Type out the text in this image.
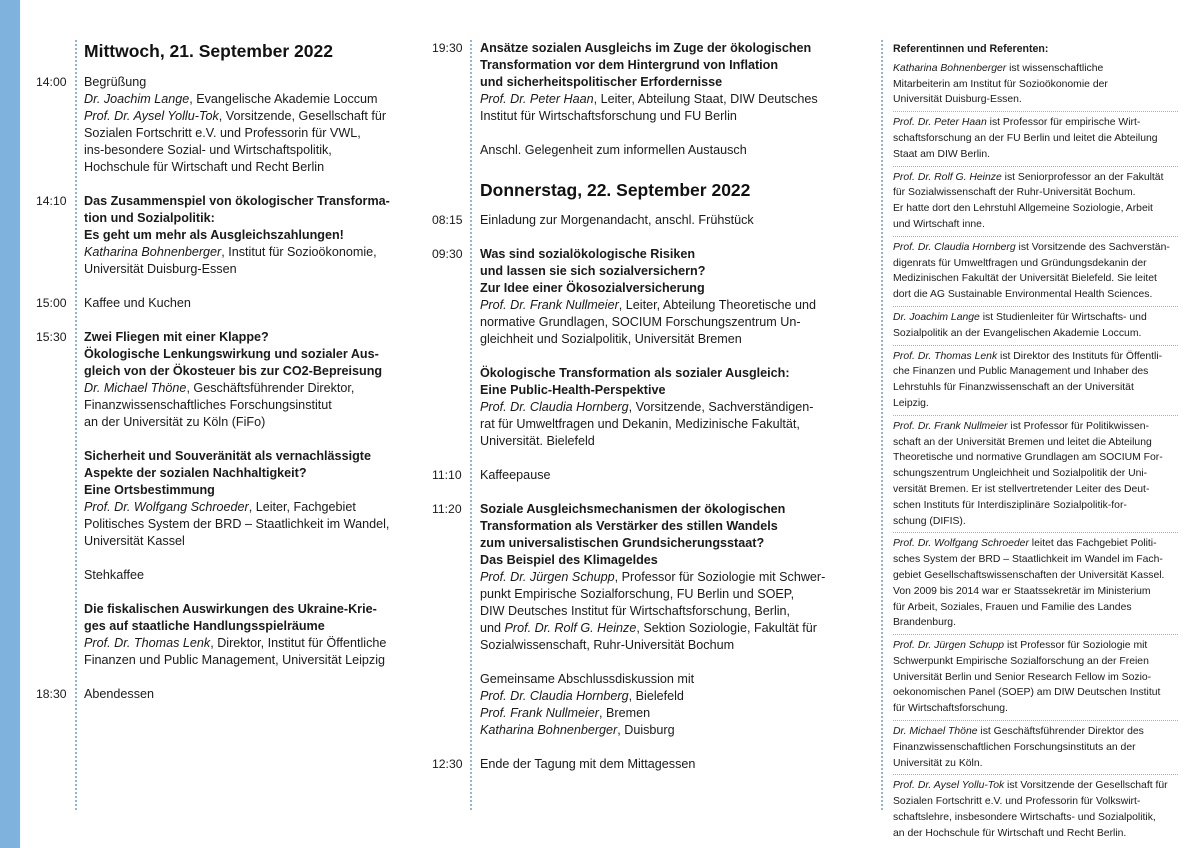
Mittwoch, 21. September 2022
14:00	Begrüßung
Dr. Joachim Lange, Evangelische Akademie Loccum
Prof. Dr. Aysel Yollu-Tok, Vorsitzende, Gesellschaft für
Sozialen Fortschritt e.V. und Professorin für VWL,
ins-besondere Sozial- und Wirtschaftspolitik,
Hochschule für Wirtschaft und Recht Berlin
14:10	Das Zusammenspiel von ökologischer Transforma-
tion und Sozialpolitik:
Es geht um mehr als Ausgleichszahlungen!
Katharina Bohnenberger, Institut für Sozioökonomie,
Universität Duisburg-Essen
15:00	Kaffee und Kuchen
15:30	Zwei Fliegen mit einer Klappe?
Ökologische Lenkungswirkung und sozialer Aus-
gleich von der Ökosteuer bis zur CO2-Bepreisung
Dr. Michael Thöne, Geschäftsführender Direktor,
Finanzwissenschaftliches Forschungsinstitut
an der Universität zu Köln (FiFo)
Sicherheit und Souveränität als vernachlässigte
Aspekte der sozialen Nachhaltigkeit?
Eine Ortsbestimmung
Prof. Dr. Wolfgang Schroeder, Leiter, Fachgebiet
Politisches System der BRD – Staatlichkeit im Wandel,
Universität Kassel
Stehkaffee
Die fiskalischen Auswirkungen des Ukraine-Krie-
ges auf staatliche Handlungsspielräume
Prof. Dr. Thomas Lenk, Direktor, Institut für Öffentliche
Finanzen und Public Management, Universität Leipzig
18:30	Abendessen
19:30	Ansätze sozialen Ausgleichs im Zuge der ökologischen
Transformation vor dem Hintergrund von Inflation
und sicherheitspolitischer Erfordernisse
Prof. Dr. Peter Haan, Leiter, Abteilung Staat, DIW Deutsches
Institut für Wirtschaftsforschung und FU Berlin
Anschl. Gelegenheit zum informellen Austausch
Donnerstag, 22. September 2022
08:15	Einladung zur Morgenandacht, anschl. Frühstück
09:30	Was sind sozialökologische Risiken
und lassen sie sich sozialversichern?
Zur Idee einer Ökosozialversicherung
Prof. Dr. Frank Nullmeier, Leiter, Abteilung Theoretische und
normative Grundlagen, SOCIUM Forschungszentrum Un-
gleichheit und Sozialpolitik, Universität Bremen
Ökologische Transformation als sozialer Ausgleich:
Eine Public-Health-Perspektive
Prof. Dr. Claudia Hornberg, Vorsitzende, Sachverständigen-
rat für Umweltfragen und Dekanin, Medizinische Fakultät,
Universität. Bielefeld
11:10	Kaffeepause
11:20	Soziale Ausgleichsmechanismen der ökologischen
Transformation als Verstärker des stillen Wandels
zum universalistischen Grundsicherungsstaat?
Das Beispiel des Klimageldes
Prof. Dr. Jürgen Schupp, Professor für Soziologie mit Schwer-
punkt Empirische Sozialforschung, FU Berlin und SOEP,
DIW Deutsches Institut für Wirtschaftsforschung, Berlin,
und Prof. Dr. Rolf G. Heinze, Sektion Soziologie, Fakultät für
Sozialwissenschaft, Ruhr-Universität Bochum
Gemeinsame Abschlussdiskussion mit
Prof. Dr. Claudia Hornberg, Bielefeld
Prof. Frank Nullmeier, Bremen
Katharina Bohnenberger, Duisburg
12:30	Ende der Tagung mit dem Mittagessen
Referentinnen und Referenten:
Katharina Bohnenberger ist wissenschaftliche
Mitarbeiterin am Institut für Sozioökonomie der
Universität Duisburg-Essen.
Prof. Dr. Peter Haan ist Professor für empirische Wirt-
schaftsforschung an der FU Berlin und leitet die Abteilung
Staat am DIW Berlin.
Prof. Dr. Rolf G. Heinze ist Seniorprofessor an der Fakultät
für Sozialwissenschaft der Ruhr-Universität Bochum.
Er hatte dort den Lehrstuhl Allgemeine Soziologie, Arbeit
und Wirtschaft inne.
Prof. Dr. Claudia Hornberg ist Vorsitzende des Sachverstän-
digenrats für Umweltfragen und Gründungsdekanin der
Medizinischen Fakultät der Universität Bielefeld. Sie leitet
dort die AG Sustainable Environmental Health Sciences.
Dr. Joachim Lange ist Studienleiter für Wirtschafts- und
Sozialpolitik an der Evangelischen Akademie Loccum.
Prof. Dr. Thomas Lenk ist Direktor des Instituts für Öffentli-
che Finanzen und Public Management und Inhaber des
Lehrstuhls für Finanzwissenschaft an der Universität
Leipzig.
Prof. Dr. Frank Nullmeier ist Professor für Politikwissen-
schaft an der Universität Bremen und leitet die Abteilung
Theoretische und normative Grundlagen am SOCIUM For-
schungszentrum Ungleichheit und Sozialpolitik der Uni-
versität Bremen. Er ist stellvertretender Leiter des Deut-
schen Instituts für Interdisziplinäre Sozialpolitik-for-
schung (DIFIS).
Prof. Dr. Wolfgang Schroeder leitet das Fachgebiet Politi-
sches System der BRD – Staatlichkeit im Wandel im Fach-
gebiet Gesellschaftswissenschaften der Universität Kassel.
Von 2009 bis 2014 war er Staatssekretär im Ministerium
für Arbeit, Soziales, Frauen und Familie des Landes
Brandenburg.
Prof. Dr. Jürgen Schupp ist Professor für Soziologie mit
Schwerpunkt Empirische Sozialforschung an der Freien
Universität Berlin und Senior Research Fellow im Sozio-
oekonomischen Panel (SOEP) am DIW Deutschen Institut
für Wirtschaftsforschung.
Dr. Michael Thöne ist Geschäftsführender Direktor des
Finanzwissenschaftlichen Forschungsinstituts an der
Universität zu Köln.
Prof. Dr. Aysel Yollu-Tok ist Vorsitzende der Gesellschaft für
Sozialen Fortschritt e.V. und Professorin für Volkswirt-
schaftslehre, insbesondere Wirtschafts- und Sozialpolitik,
an der Hochschule für Wirtschaft und Recht Berlin.
